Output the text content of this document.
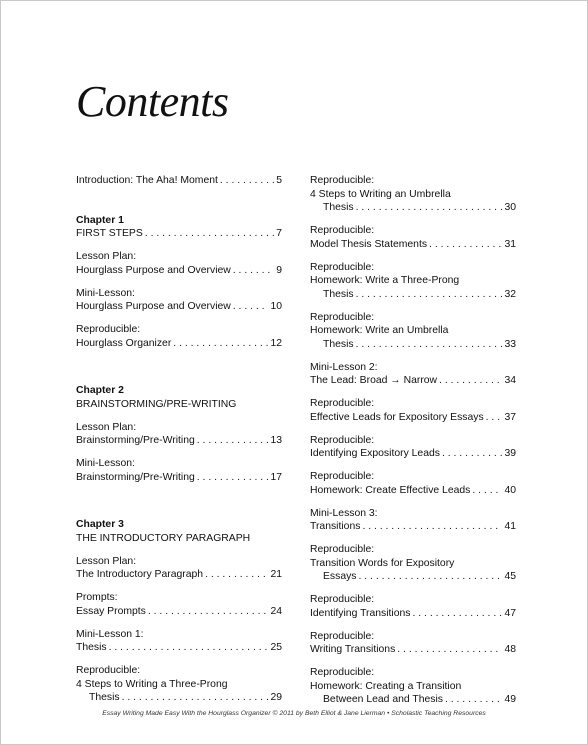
Contents
Introduction: The Aha! Moment . . .	5
Chapter 1
FIRST STEPS . . .	7
Lesson Plan:
Hourglass Purpose and Overview . . .	9
Mini-Lesson:
Hourglass Purpose and Overview . . .	10
Reproducible:
Hourglass Organizer . . .	12
Chapter 2
BRAINSTORMING/PRE-WRITING
Lesson Plan:
Brainstorming/Pre-Writing . . .	13
Mini-Lesson:
Brainstorming/Pre-Writing . . .	17
Chapter 3
THE INTRODUCTORY PARAGRAPH
Lesson Plan:
The Introductory Paragraph . . .	21
Prompts:
Essay Prompts . . .	24
Mini-Lesson 1:
Thesis . . .	25
Reproducible:
4 Steps to Writing a Three-Prong
Thesis . . .	29
Reproducible:
4 Steps to Writing an Umbrella
Thesis . . .	30
Reproducible:
Model Thesis Statements . . .	31
Reproducible:
Homework: Write a Three-Prong
Thesis . . .	32
Reproducible:
Homework: Write an Umbrella
Thesis . . .	33
Mini-Lesson 2:
The Lead: Broad → Narrow . . .	34
Reproducible:
Effective Leads for Expository Essays . . . 37
Reproducible:
Identifying Expository Leads . . .	39
Reproducible:
Homework: Create Effective Leads . . .	40
Mini-Lesson 3:
Transitions . . .	41
Reproducible:
Transition Words for Expository
Essays . . .	45
Reproducible:
Identifying Transitions . . .	47
Reproducible:
Writing Transitions . . .	48
Reproducible:
Homework: Creating a Transition
Between Lead and Thesis . . .	49
Essay Writing Made Easy With the Hourglass Organizer © 2011 by Beth Elliot & Jane Lierman • Scholastic Teaching Resources
